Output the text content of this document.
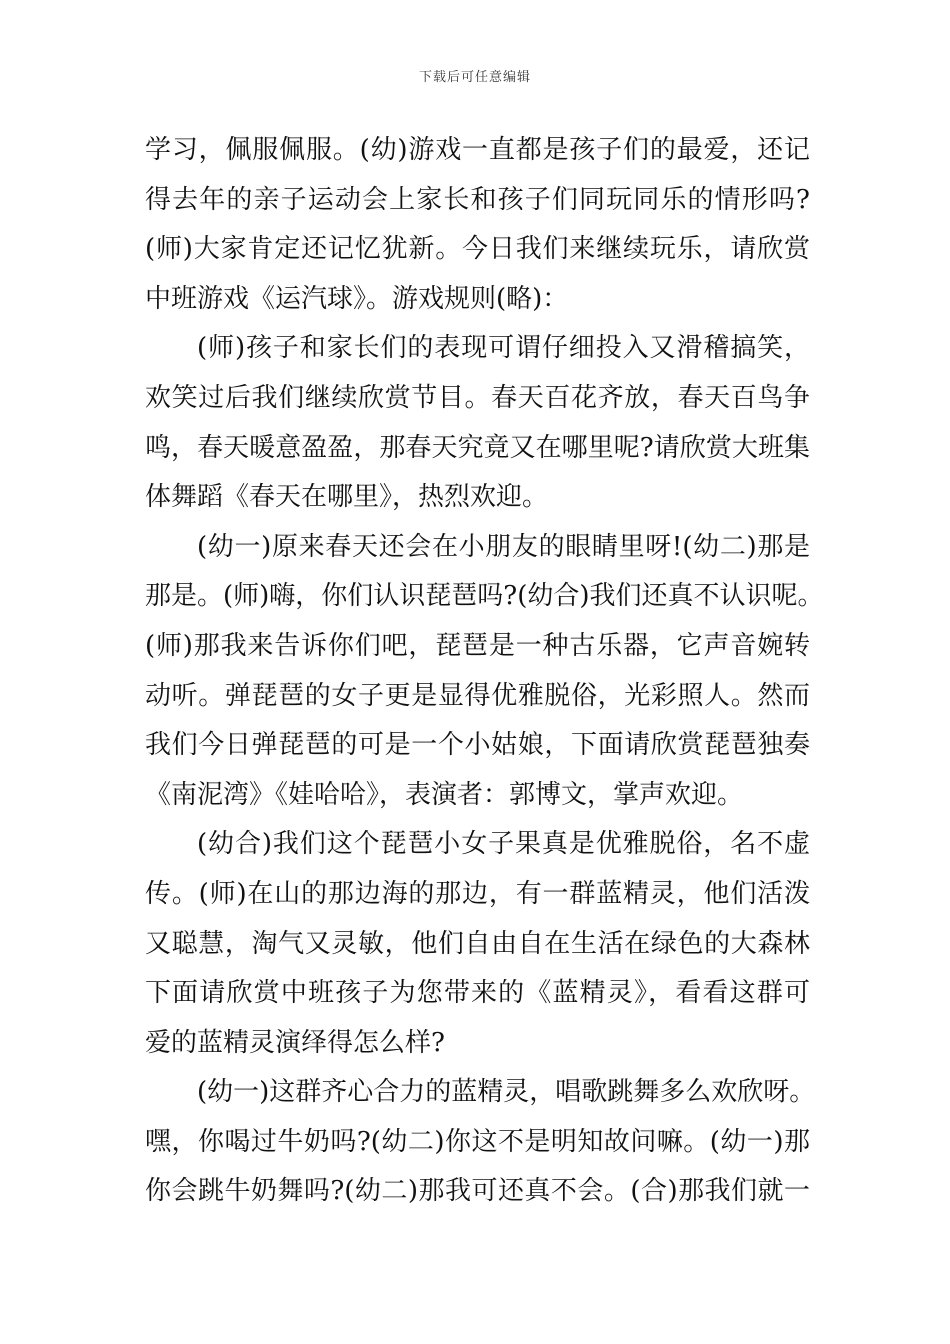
下载后可任意编辑
学习，佩服佩服。(幼)游戏一直都是孩子们的最爱，还记
得去年的亲子运动会上家长和孩子们同玩同乐的情形吗?
(师)大家肯定还记忆犹新。今日我们来继续玩乐，请欣赏
中班游戏《运汽球》。游戏规则(略)：
(师)孩子和家长们的表现可谓仔细投入又滑稽搞笑，
欢笑过后我们继续欣赏节目。春天百花齐放，春天百鸟争
鸣，春天暖意盈盈，那春天究竟又在哪里呢?请欣赏大班集
体舞蹈《春天在哪里》，热烈欢迎。
(幼一)原来春天还会在小朋友的眼睛里呀!(幼二)那是
那是。(师)嗨，你们认识琵琶吗?(幼合)我们还真不认识呢。
(师)那我来告诉你们吧，琵琶是一种古乐器，它声音婉转
动听。弹琵琶的女子更是显得优雅脱俗，光彩照人。然而
我们今日弹琵琶的可是一个小姑娘，下面请欣赏琵琶独奏
《南泥湾》《娃哈哈》，表演者：郭博文，掌声欢迎。
(幼合)我们这个琵琶小女子果真是优雅脱俗，名不虚
传。(师)在山的那边海的那边，有一群蓝精灵，他们活泼
又聪慧，淘气又灵敏，他们自由自在生活在绿色的大森林
下面请欣赏中班孩子为您带来的《蓝精灵》，看看这群可
爱的蓝精灵演绎得怎么样?
(幼一)这群齐心合力的蓝精灵，唱歌跳舞多么欢欣呀。
嘿，你喝过牛奶吗?(幼二)你这不是明知故问嘛。(幼一)那
你会跳牛奶舞吗?(幼二)那我可还真不会。(合)那我们就一
